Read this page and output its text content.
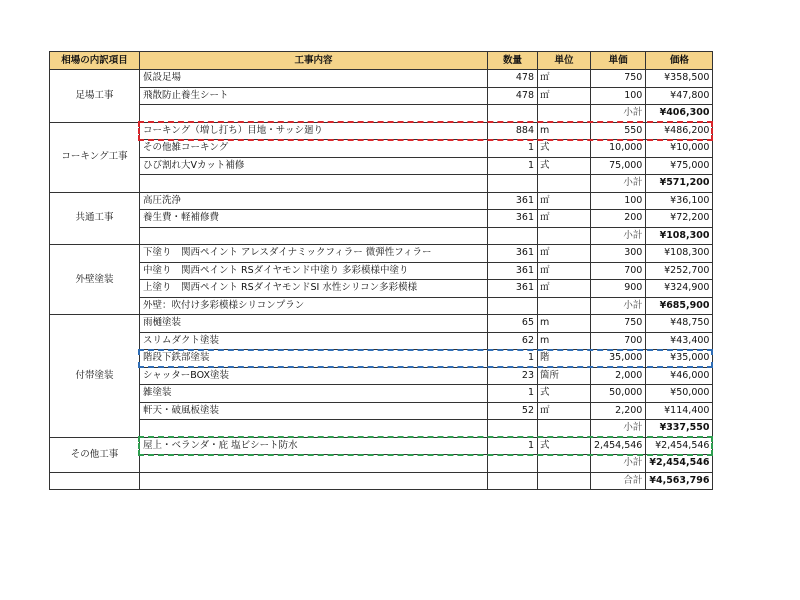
相場の内訳項目	工事内容	数量	単位	単価	価格
足場工事	仮設足場	478	㎡	750	¥358,500
	飛散防止養生シート	478	㎡	100	¥47,800
				小計	¥406,300
コーキング工事	コーキング（増し打ち）目地・サッシ廻り	884	m	550	¥486,200
	その他雑コーキング	1	式	10,000	¥10,000
	ひび割れ大Vカット補修	1	式	75,000	¥75,000
				小計	¥571,200
共通工事	高圧洗浄	361	㎡	100	¥36,100
	養生費・軽補修費	361	㎡	200	¥72,200
				小計	¥108,300
外壁塗装	下塗り　関西ペイント アレスダイナミックフィラー 微弾性フィラー	361	㎡	300	¥108,300
	中塗り　関西ペイント RSダイヤモンド中塗り 多彩模様中塗り	361	㎡	700	¥252,700
	上塗り　関西ペイント RSダイヤモンドSI 水性シリコン多彩模様	361	㎡	900	¥324,900
	外壁：吹付け多彩模様シリコンプラン			小計	¥685,900
付帯塗装	雨樋塗装	65	m	750	¥48,750
	スリムダクト塗装	62	m	700	¥43,400
	階段下鉄部塗装	1	階	35,000	¥35,000
	シャッターBOX塗装	23	箇所	2,000	¥46,000
	雑塗装	1	式	50,000	¥50,000
	軒天・破風板塗装	52	㎡	2,200	¥114,400
				小計	¥337,550
その他工事	屋上・ベランダ・庇 塩ビシート防水	1	式	2,454,546	¥2,454,546
				小計	¥2,454,546
				合計	¥4,563,796
